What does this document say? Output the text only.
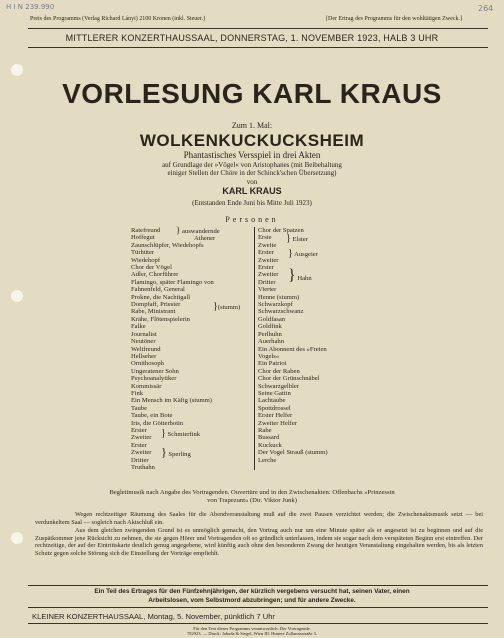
H I N 239.990	264
Preis des Programms (Verlag Richard Lányi) 2100 Kronen (inkl. Steuer.)	[Der Ertrag des Programms für den wohltätigen Zweck.]
MITTLERER KONZERTHAUSSAAL, DONNERSTAG, 1. NOVEMBER 1923, HALB 3 UHR
VORLESUNG KARL KRAUS
Zum 1. Mal:
WOLKENKUCKUCKSHEIM
Phantastisches Versspiel in drei Akten
auf Grundlage der »Vögel« von Aristophanes (mit Beibehaltung
einiger Stellen der Chöre in der Schinck'schen Übersetzung)
von
KARL KRAUS
(Entstanden Ende Juni bis Mitte Juli 1923)
Personen
Ratefreund
Hoffegut
Zaunschlüpfer, Wiedehopfs
Türhüter
Wiedehopf
Chor der Vögel
Adler, Chorführer
Flamingo, später Flamingo von
Fahnenfeld, General
Prokne, die Nachtigall
Dompfaff, Priester
Rabe, Ministrant
Krähe, Flötenspielerin
Falke
Journalist
Neutöner
Weltfreund
Hellseher
Ornithosoph
Ungeratener Sohn
Psychoanalytiker
Kommissär
Fink
Ein Mensch im Käfig (stumm)
Taube
Taube, ein Bote
Iris, die Götterbotin
Erster
Zweiter
Erster
Zweiter
Dritter
Truthahn
Chor der Spatzen
Erste
Zweite
Erster
Zweiter
Erster
Zweiter
Dritter
Vierter
Henne (stumm)
Schwarzkopf
Schwarzschwanz
Goldfasan
Goldfink
Perlhuhn
Auerhahn
Ein Abonnent des »Freien
Vogels«
Ein Patriot
Chor der Raben
Chor der Grünschnäbel
Schwarzgelbler
Seine Gattin
Lachtaube
Spottdrossel
Erster Helfer
Zweiter Helfer
Rabe
Bussard
Kuckuck
Der Vogel Strauß (stumm)
Lerche
} auswandernde
Athener
}(stumm)
} Schmierfink
} Sperling
} Elster
} Ausgeier
} Hahn
Begleitmusik nach Angabe des Vortragenden. Ouvertüre und in den Zwischenakten: Offenbachs »Prinzessin
von Trapezunt« (Dir. Viktor Junk)
Wegen rechtzeitiger Räumung des Saales für die Abendveranstaltung muß auf die zwei Pausen verzichtet werden; die Zwischenaktsmusik setzt — bei verdunkeltem Saal — sogleich nach Aktschluß ein.
Aus dem gleichen zwingenden Grund ist es unmöglich gemacht, den Vortrag auch nur um eine Minute später als er angesetzt ist zu beginnen und auf die Zuspätkommer jene Rücksicht zu nehmen, die sie gegen Hörer und Vortragenden oft so gründlich unterlassen, indem sie sogar nach dem verspäteten Beginn erst eintreffen. Der rechtzeitige, der auf der Eintrittskarte deutlich genug angegebene, wird künftig auch ohne den besonderen Zwang der heutigen Veranstaltung eingehalten werden, bis als letzten Schutz gegen solche Störung sich die Einstellung der Vorträge empfiehlt.
Ein Teil des Ertrages für den Fünfzehnjährigen, der kürzlich vergebens versucht hat, seinen Vater, einen
Arbeitslosen, vom Selbstmord abzubringen; und für andere Zwecke.
KLEINER KONZERTHAUSSAAL, Montag, 5. November, pünktlich 7 Uhr
Für den Text dieses Programms verantwortlich: Der Vortragende.
782923. — Druck: Jahoda & Siegel, Wien III. Hintere Zollamtsstraße 3.
